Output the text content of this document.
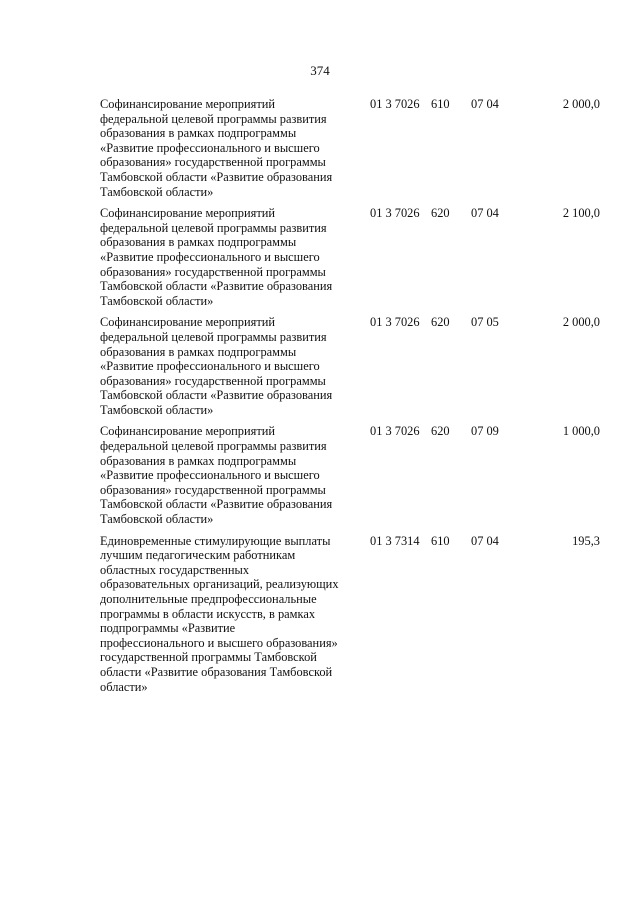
374
Софинансирование мероприятий
федеральной целевой программы развития
образования в рамках подпрограммы
«Развитие профессионального и высшего
образования» государственной программы
Тамбовской области «Развитие образования
Тамбовской области»
01 3 7026 610 07 04	2 000,0
Софинансирование мероприятий
федеральной целевой программы развития
образования в рамках подпрограммы
«Развитие профессионального и высшего
образования» государственной программы
Тамбовской области «Развитие образования
Тамбовской области»
01 3 7026 620 07 04	2 100,0
Софинансирование мероприятий
федеральной целевой программы развития
образования в рамках подпрограммы
«Развитие профессионального и высшего
образования» государственной программы
Тамбовской области «Развитие образования
Тамбовской области»
01 3 7026 620 07 05	2 000,0
Софинансирование мероприятий
федеральной целевой программы развития
образования в рамках подпрограммы
«Развитие профессионального и высшего
образования» государственной программы
Тамбовской области «Развитие образования
Тамбовской области»
01 3 7026 620 07 09	1 000,0
Единовременные стимулирующие выплаты
лучшим педагогическим работникам
областных государственных
образовательных организаций, реализующих
дополнительные предпрофессиональные
программы в области искусств, в рамках
подпрограммы «Развитие
профессионального и высшего образования»
государственной программы Тамбовской
области «Развитие образования Тамбовской
области»
01 3 7314 610 07 04	195,3
